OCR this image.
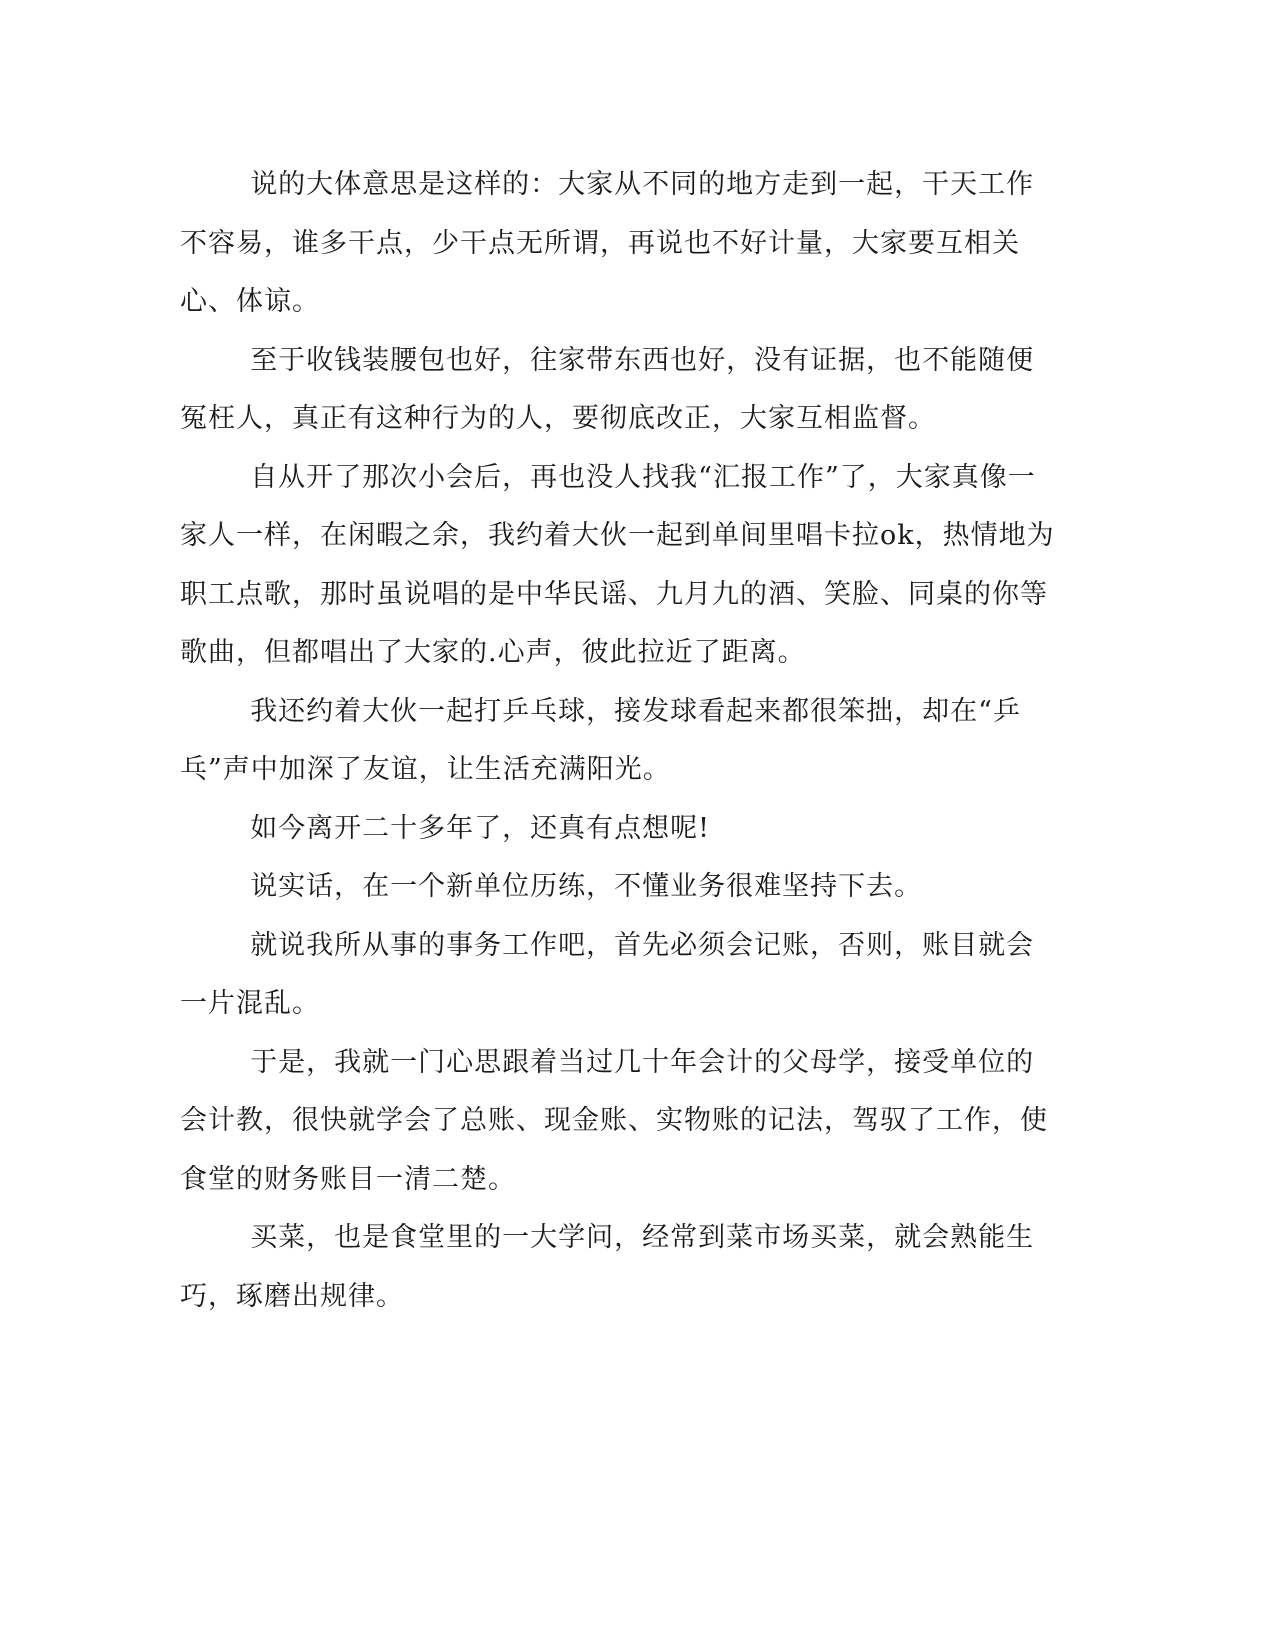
说的大体意思是这样的：大家从不同的地方走到一起，干天工作不容易，谁多干点，少干点无所谓，再说也不好计量，大家要互相关心、体谅。

至于收钱装腰包也好，往家带东西也好，没有证据，也不能随便冤枉人，真正有这种行为的人，要彻底改正，大家互相监督。

自从开了那次小会后，再也没人找我“汇报工作”了，大家真像一家人一样，在闲暇之余，我约着大伙一起到单间里唱卡拉ok，热情地为职工点歌，那时虽说唱的是中华民谣、九月九的酒、笑脸、同桌的你等歌曲，但都唱出了大家的.心声，彼此拉近了距离。

我还约着大伙一起打乒乓球，接发球看起来都很笨拙，却在“乒乓”声中加深了友谊，让生活充满阳光。

如今离开二十多年了，还真有点想呢!

说实话，在一个新单位历练，不懂业务很难坚持下去。

就说我所从事的事务工作吧，首先必须会记账，否则，账目就会一片混乱。

于是，我就一门心思跟着当过几十年会计的父母学，接受单位的会计教，很快就学会了总账、现金账、实物账的记法，驾驭了工作，使食堂的财务账目一清二楚。

买菜，也是食堂里的一大学问，经常到菜市场买菜，就会熟能生巧，琢磨出规律。
